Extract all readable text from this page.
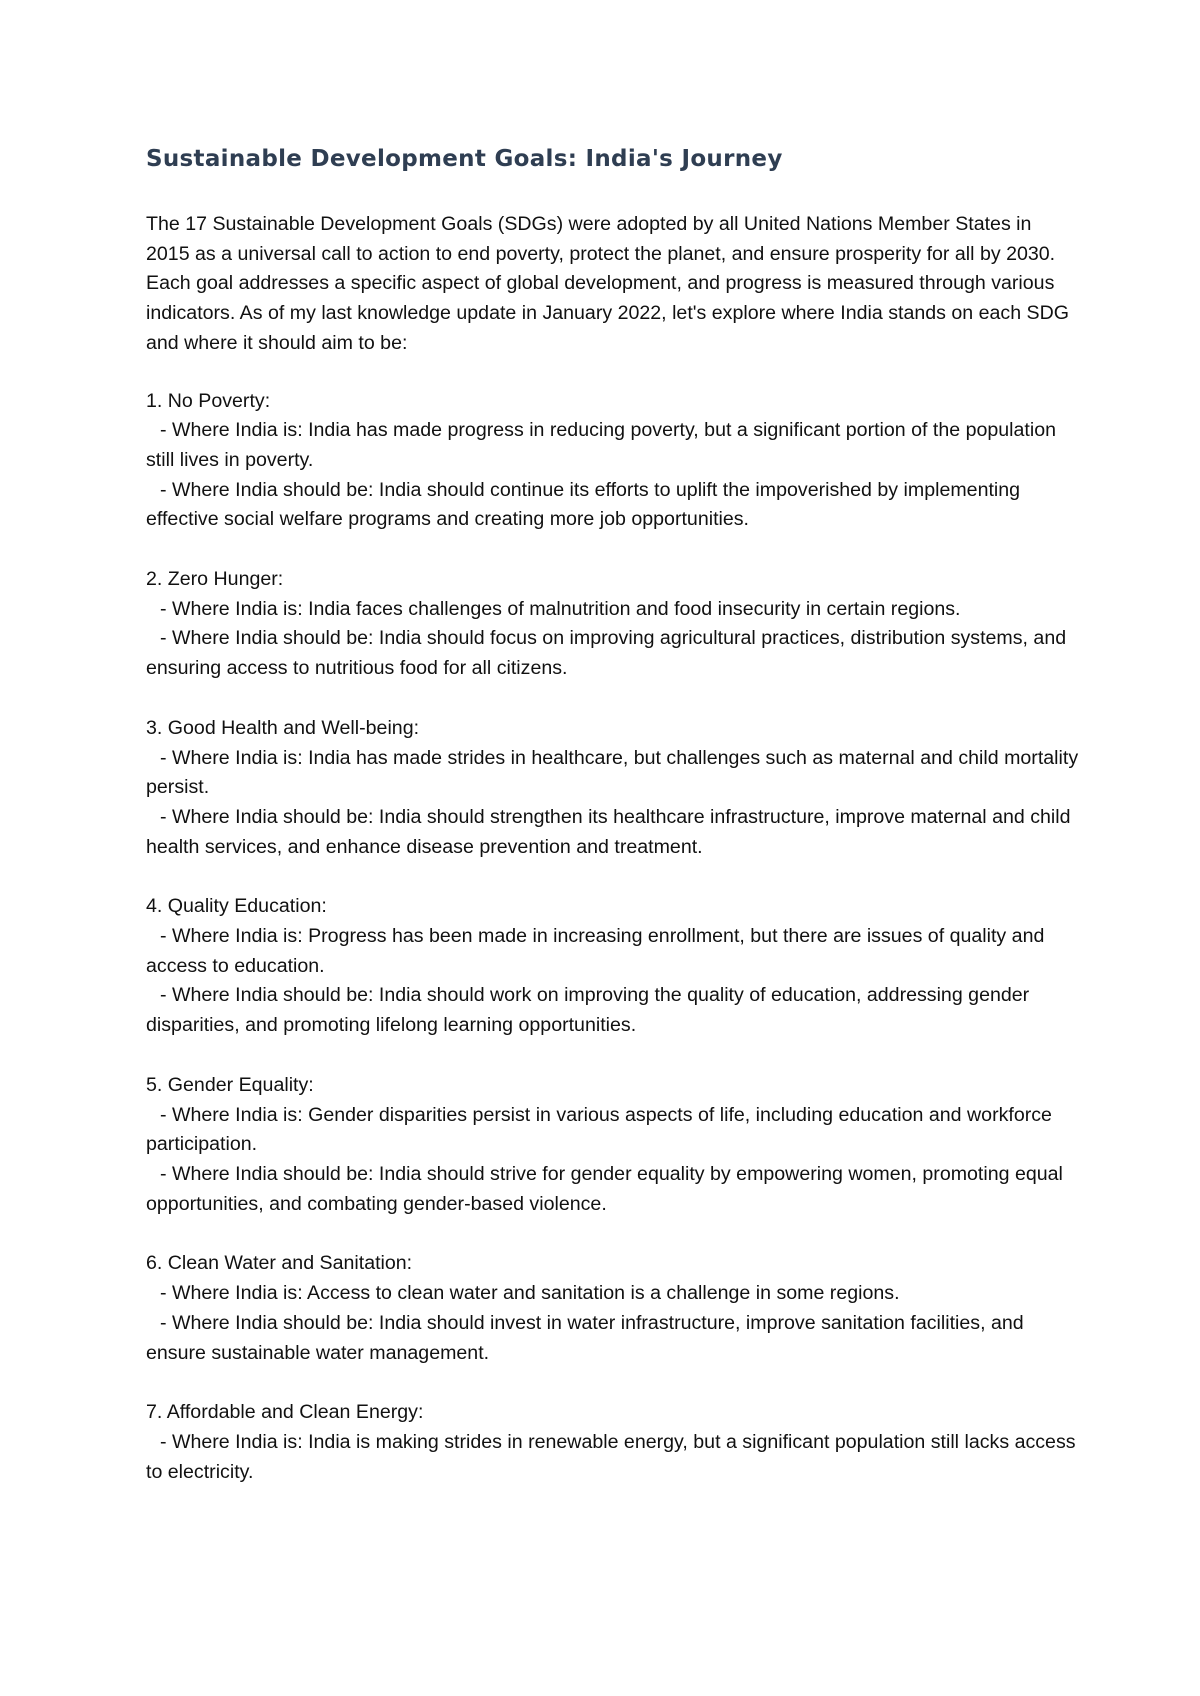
Sustainable Development Goals: India's Journey

The 17 Sustainable Development Goals (SDGs) were adopted by all United Nations Member States in 2015 as a universal call to action to end poverty, protect the planet, and ensure prosperity for all by 2030. Each goal addresses a specific aspect of global development, and progress is measured through various indicators. As of my last knowledge update in January 2022, let's explore where India stands on each SDG and where it should aim to be:

1. No Poverty:

- Where India is: India has made progress in reducing poverty, but a significant portion of the population still lives in poverty.

- Where India should be: India should continue its efforts to uplift the impoverished by implementing effective social welfare programs and creating more job opportunities.

2. Zero Hunger:

- Where India is: India faces challenges of malnutrition and food insecurity in certain regions.

- Where India should be: India should focus on improving agricultural practices, distribution systems, and ensuring access to nutritious food for all citizens.

3. Good Health and Well-being:

- Where India is: India has made strides in healthcare, but challenges such as maternal and child mortality persist.

- Where India should be: India should strengthen its healthcare infrastructure, improve maternal and child health services, and enhance disease prevention and treatment.

4. Quality Education:

- Where India is: Progress has been made in increasing enrollment, but there are issues of quality and access to education.

- Where India should be: India should work on improving the quality of education, addressing gender disparities, and promoting lifelong learning opportunities.

5. Gender Equality:

- Where India is: Gender disparities persist in various aspects of life, including education and workforce participation.

- Where India should be: India should strive for gender equality by empowering women, promoting equal opportunities, and combating gender-based violence.

6. Clean Water and Sanitation:

- Where India is: Access to clean water and sanitation is a challenge in some regions.

- Where India should be: India should invest in water infrastructure, improve sanitation facilities, and ensure sustainable water management.

7. Affordable and Clean Energy:

- Where India is: India is making strides in renewable energy, but a significant population still lacks access to electricity.
